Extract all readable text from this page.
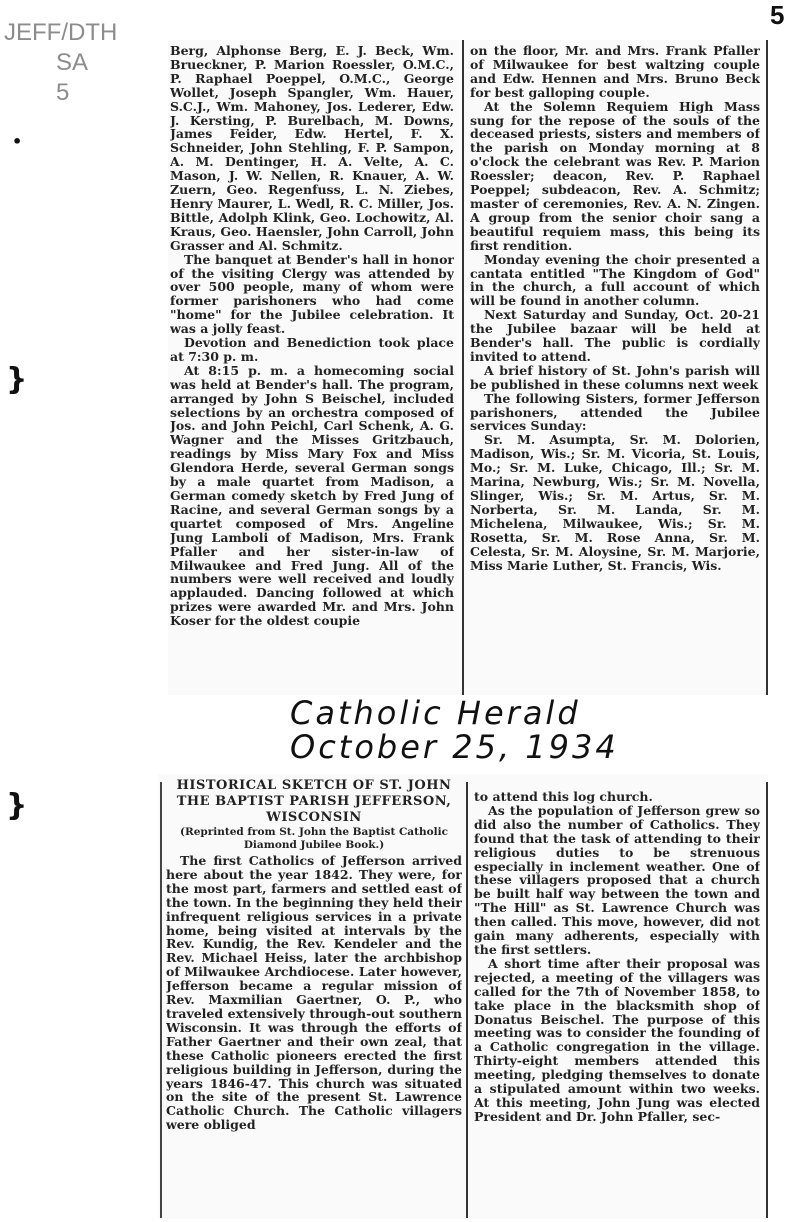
5
JEFF/DTH
SA
5
•
}
}

Berg, Alphonse Berg, E. J. Beck, Wm. Brueckner, P. Marion Roessler, O.M.C., P. Raphael Poeppel, O.M.C., George Wollet, Joseph Spangler, Wm. Hauer, S.C.J., Wm. Mahoney, Jos. Lederer, Edw. J. Kersting, P. Burelbach, M. Downs, James Feider, Edw. Hertel, F. X. Schneider, John Stehling, F. P. Sampon, A. M. Dentinger, H. A. Velte, A. C. Mason, J. W. Nellen, R. Knauer, A. W. Zuern, Geo. Regenfuss, L. N. Ziebes, Henry Maurer, L. Wedl, R. C. Miller, Jos. Bittle, Adolph Klink, Geo. Lochowitz, Al. Kraus, Geo. Haensler, John Carroll, John Grasser and Al. Schmitz.

The banquet at Bender's hall in honor of the visiting Clergy was attended by over 500 people, many of whom were former parishoners who had come "home" for the Jubilee celebration. It was a jolly feast.

Devotion and Benediction took place at 7:30 p. m.

At 8:15 p. m. a homecoming social was held at Bender's hall. The program, arranged by John S Beischel, included selections by an orchestra composed of Jos. and John Peichl, Carl Schenk, A. G. Wagner and the Misses Gritzbauch, readings by Miss Mary Fox and Miss Glendora Herde, several German songs by a male quartet from Madison, a German comedy sketch by Fred Jung of Racine, and several German songs by a quartet composed of Mrs. Angeline Jung Lamboli of Madison, Mrs. Frank Pfaller and her sister-in-law of Milwaukee and Fred Jung. All of the numbers were well received and loudly applauded. Dancing followed at which prizes were awarded Mr. and Mrs. John Koser for the oldest coupie

on the floor, Mr. and Mrs. Frank Pfaller of Milwaukee for best waltzing couple and Edw. Hennen and Mrs. Bruno Beck for best galloping couple.

At the Solemn Requiem High Mass sung for the repose of the souls of the deceased priests, sisters and members of the parish on Monday morning at 8 o'clock the celebrant was Rev. P. Marion Roessler; deacon, Rev. P. Raphael Poeppel; subdeacon, Rev. A. Schmitz; master of ceremonies, Rev. A. N. Zingen. A group from the senior choir sang a beautiful requiem mass, this being its first rendition.

Monday evening the choir presented a cantata entitled "The Kingdom of God" in the church, a full account of which will be found in another column.

Next Saturday and Sunday, Oct. 20-21 the Jubilee bazaar will be held at Bender's hall. The public is cordially invited to attend.

A brief history of St. John's parish will be published in these columns next week

The following Sisters, former Jefferson parishoners, attended the Jubilee services Sunday:

Sr. M. Asumpta, Sr. M. Dolorien, Madison, Wis.; Sr. M. Vicoria, St. Louis, Mo.; Sr. M. Luke, Chicago, Ill.; Sr. M. Marina, Newburg, Wis.; Sr. M. Novella, Slinger, Wis.; Sr. M. Artus, Sr. M. Norberta, Sr. M. Landa, Sr. M. Michelena, Milwaukee, Wis.; Sr. M. Rosetta, Sr. M. Rose Anna, Sr. M. Celesta, Sr. M. Aloysine, Sr. M. Marjorie, Miss Marie Luther, St. Francis, Wis.

Catholic Herald
October 25, 1934

HISTORICAL SKETCH OF ST. JOHN THE BAPTIST PARISH JEFFERSON, WISCONSIN

(Reprinted from St. John the Baptist Catholic Diamond Jubilee Book.)

The first Catholics of Jefferson arrived here about the year 1842. They were, for the most part, farmers and settled east of the town. In the beginning they held their infrequent religious services in a private home, being visited at intervals by the Rev. Kundig, the Rev. Kendeler and the Rev. Michael Heiss, later the archbishop of Milwaukee Archdiocese. Later however, Jefferson became a regular mission of Rev. Maxmilian Gaertner, O. P., who traveled extensively through-out southern Wisconsin. It was through the efforts of Father Gaertner and their own zeal, that these Catholic pioneers erected the first religious building in Jefferson, during the years 1846-47. This church was situated on the site of the present St. Lawrence Catholic Church. The Catholic villagers were obliged

to attend this log church.

As the population of Jefferson grew so did also the number of Catholics. They found that the task of attending to their religious duties to be strenuous especially in inclement weather. One of these villagers proposed that a church be built half way between the town and "The Hill" as St. Lawrence Church was then called. This move, however, did not gain many adherents, especially with the first settlers.

A short time after their proposal was rejected, a meeting of the villagers was called for the 7th of November 1858, to take place in the blacksmith shop of Donatus Beischel. The purpose of this meeting was to consider the founding of a Catholic congregation in the village. Thirty-eight members attended this meeting, pledging themselves to donate a stipulated amount within two weeks. At this meeting, John Jung was elected President and Dr. John Pfaller, sec-
